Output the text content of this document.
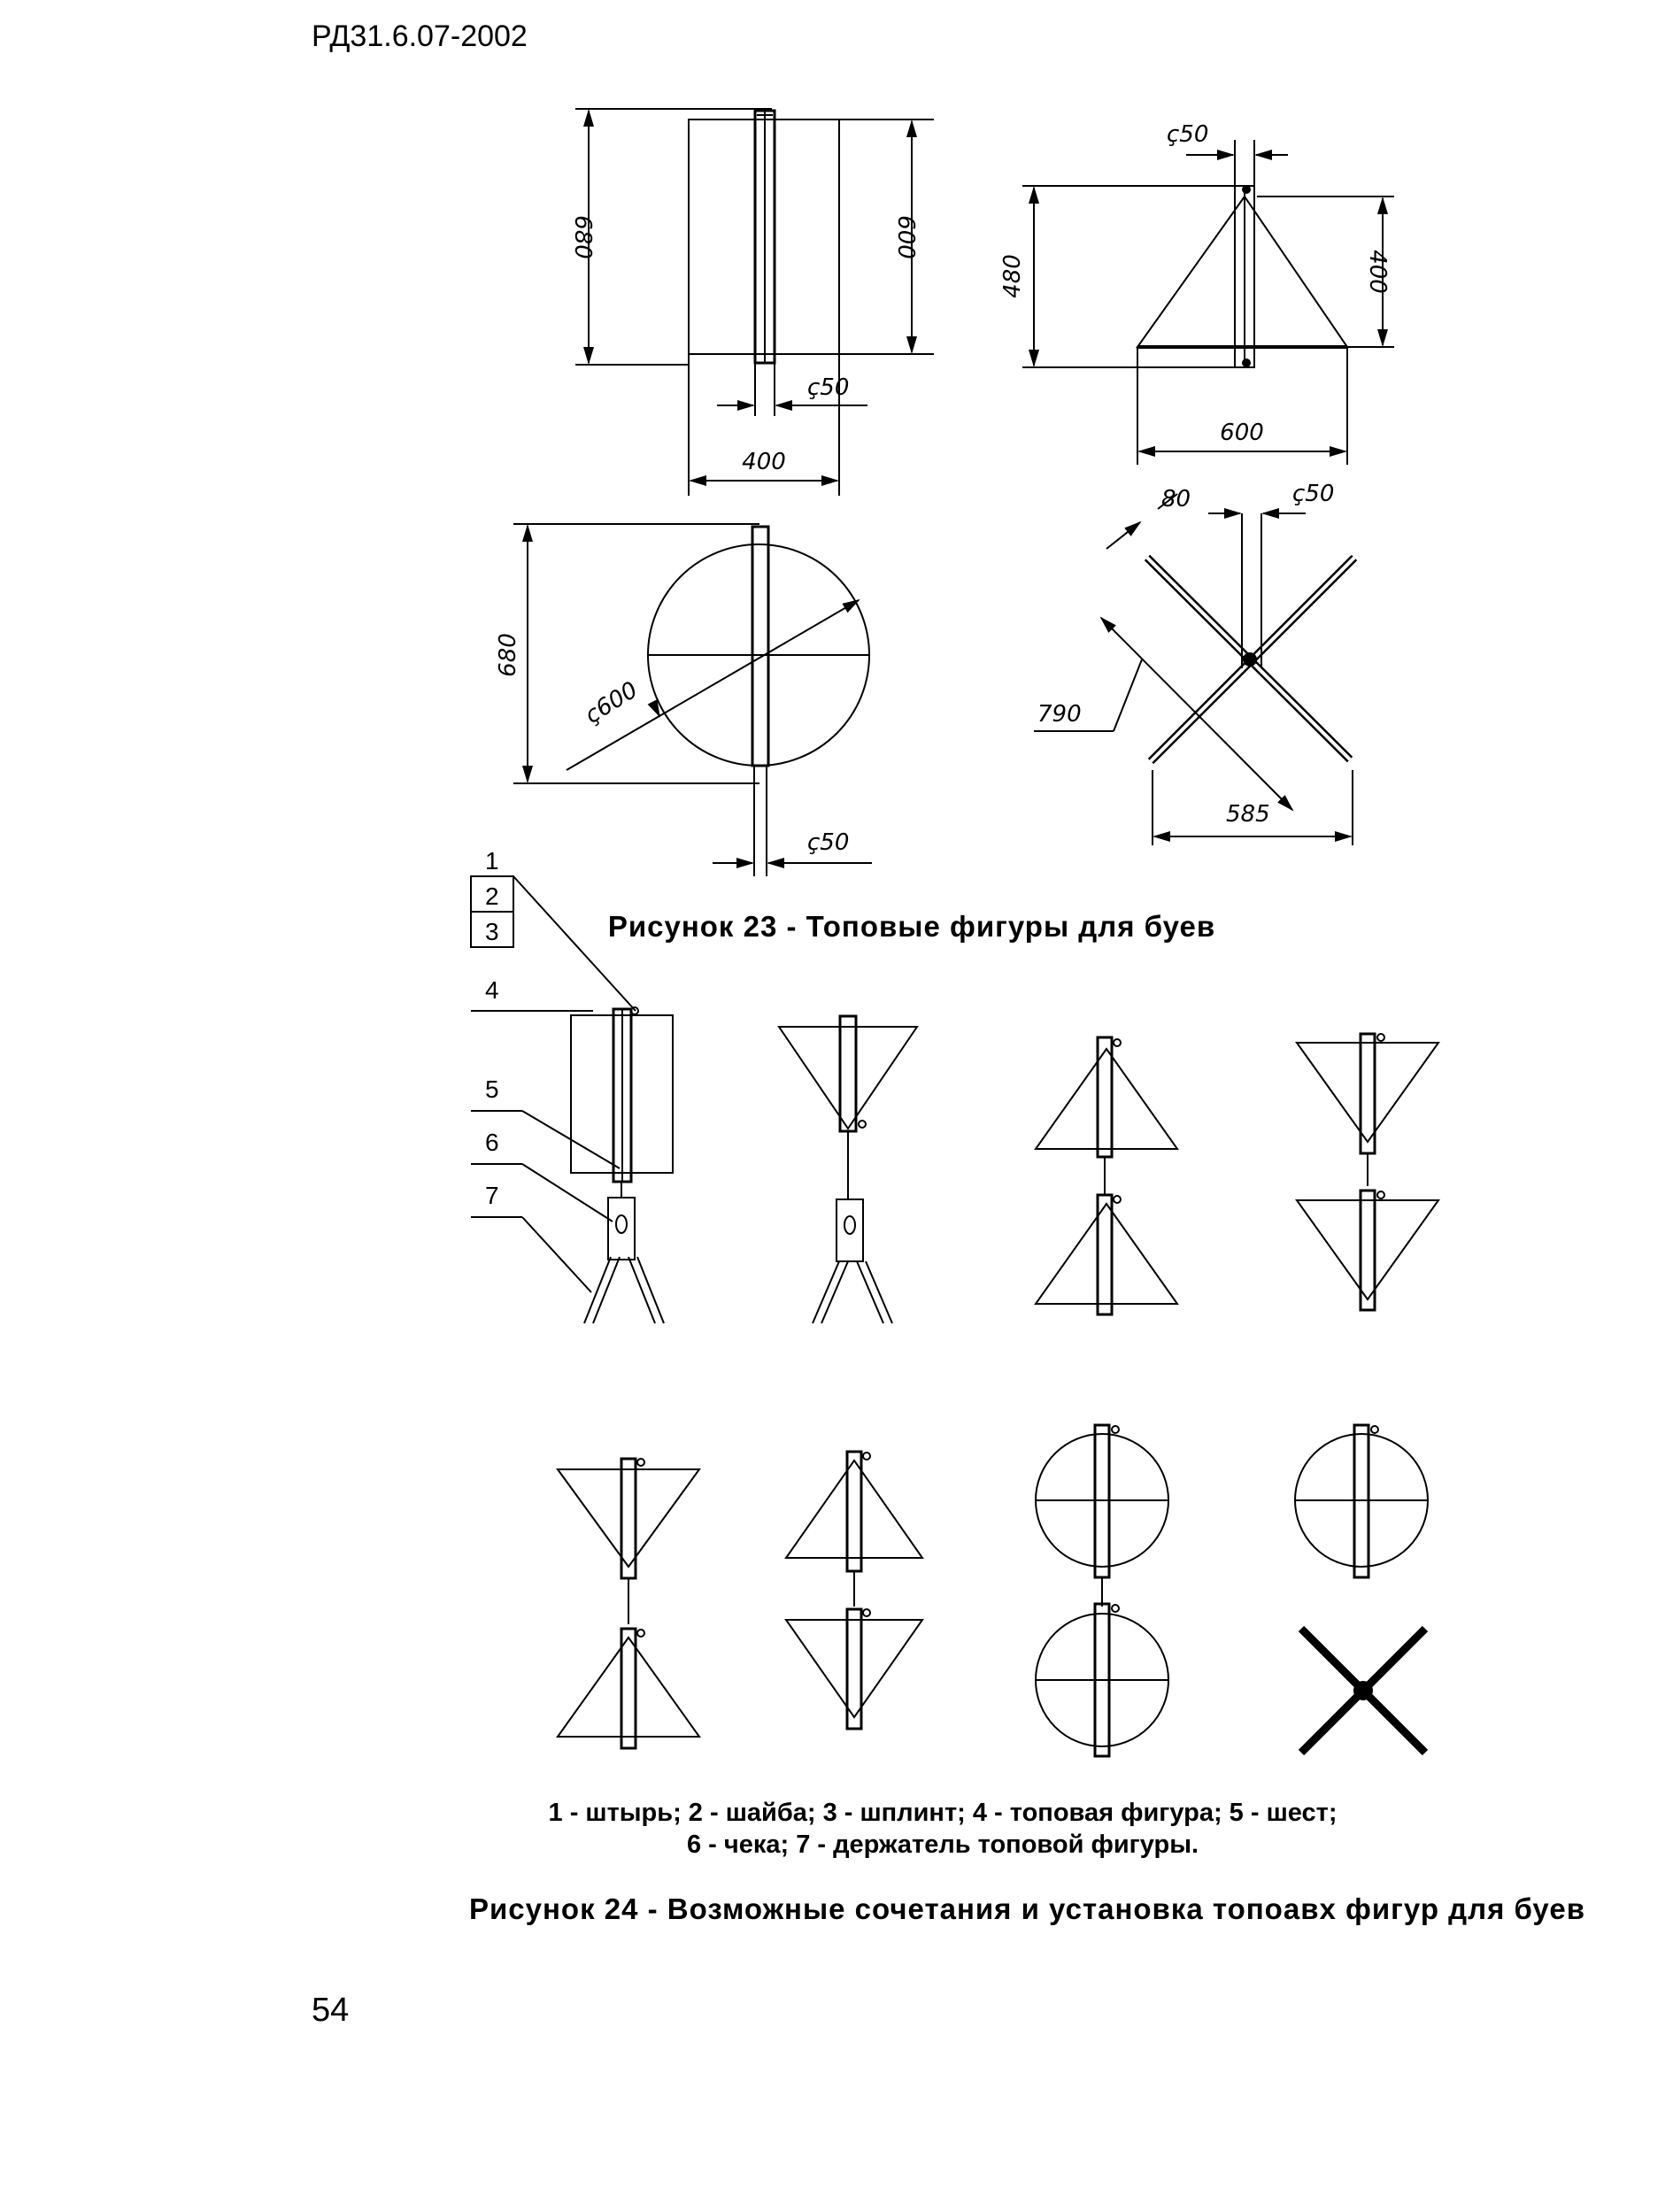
РД31.6.07-2002
680	600
ç50
400
ç50
480	400
600
680
ç600
ç50
80	ç50
790
585
1
2
3
4
5
6
7
Рисунок 23 - Топовые фигуры для буев
1 - штырь; 2 - шайба; 3 - шплинт; 4 - топовая фигура; 5 - шест;
6 - чека; 7 - держатель топовой фигуры.
Рисунок 24 - Возможные сочетания и установка топоавх фигур для буев
54
